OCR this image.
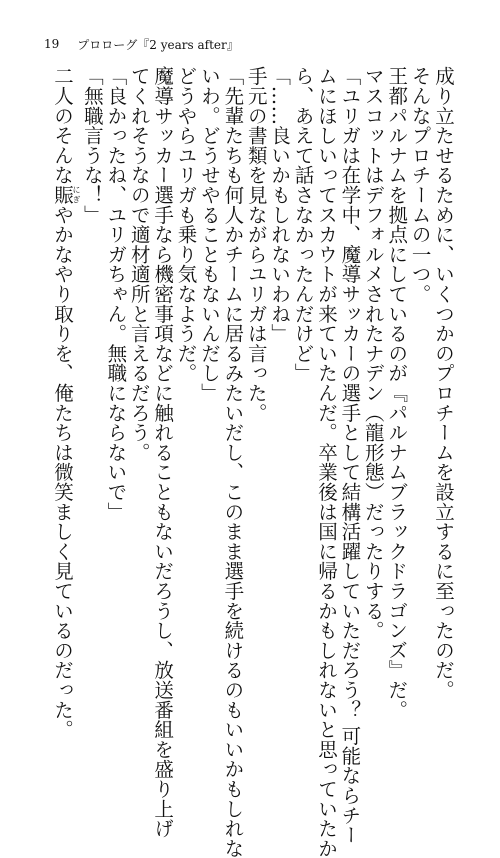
19 プロローグ『2 years after』
成り立たせるために、いくつかのプロチームを設立するに至ったのだ。
そんなプロチームの一つ。
王都パルナムを拠点にしているのが『パルナムブラックドラゴンズ』だ。
マスコットはデフォルメされたナデン（龍形態）だったりする。
「ユリガは在学中、魔導サッカーの選手として結構活躍していただろう？ 可能ならチー
ムにほしいってスカウトが来ていたんだ。卒業後は国に帰るかもしれないと思っていたか
ら、あえて話さなかったんだけど」
「……良いかもしれないわね」
手元の書類を見ながらユリガは言った。
「先輩たちも何人かチームに居るみたいだし、このまま選手を続けるのもいいかもしれな
いわ。どうせやることもないんだし」
どうやらユリガも乗り気なようだ。
魔導サッカー選手なら機密事項などに触れることもないだろうし、放送番組を盛り上げ
てくれそうなので適材適所と言えるだろう。
「良かったね、ユリガちゃん。無職にならないで」
「無職言うな！」
二人のそんな賑にぎやかなやり取りを、俺たちは微笑ましく見ているのだった。
